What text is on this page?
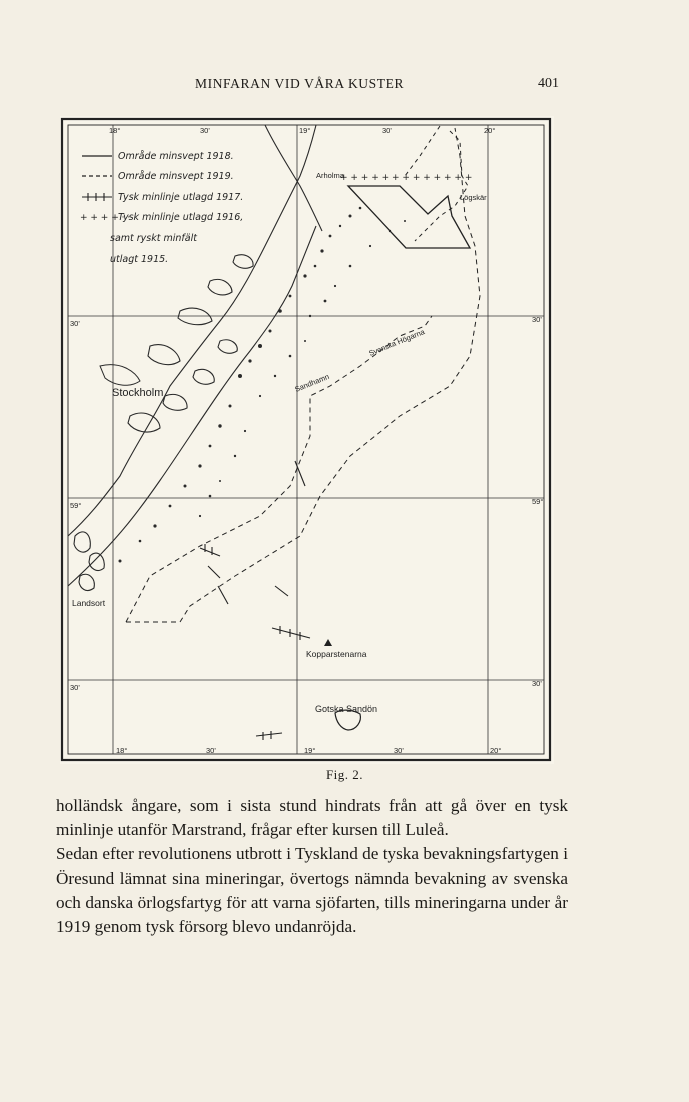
MINFARAN VID VÅRA KUSTER	401
+ + + + + + + + + + + + +
+ + + + · ·
Område minsvept 1918.
Område minsvept 1919.
Tysk minlinje utlagd 1917.
Tysk minlinje utlagd 1916,
samt ryskt minfält
utlagt 1915.
Stockholm
Landsort
Kopparstenarna
Gotska Sandön
Svenska Högarna
Sandhamn
Arholma
Lögskär
18°	30'	19°	30'	20°
18°	30'	19°	30'	20°
30'
59°
30'
30'
59°
30'
Fig. 2.

holländsk ångare, som i sista stund hindrats från att gå över en tysk minlinje utanför Marstrand, frågar efter kursen till Luleå.

Sedan efter revolutionens utbrott i Tyskland de tyska bevakningsfartygen i Öresund lämnat sina mineringar, övertogs nämnda bevakning av svenska och danska örlogsfartyg för att varna sjöfarten, tills mineringarna under år 1919 genom tysk försorg blevo undanröjda.
